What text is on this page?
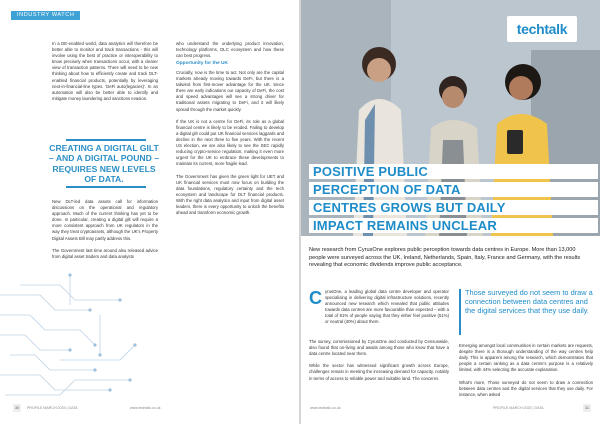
INDUSTRY WATCH
In a DE-enabled world, data analytics will therefore be better able to monitor and track transactions - this will involve using the best of practice or interoperability to know precisely when transactions occur, with a clearer view of transaction patterns. There will need to be new thinking about how to efficiently create and track DLT-enabled financial products, potentially by leveraging next-in-financial-line types. 'DeFi auto(legacies)'. In an automation will also be better able to identify and mitigate money laundering and sanctions evasion.
CREATING A DIGITAL GILT – AND A DIGITAL POUND – REQUIRES NEW LEVELS OF DATA.
New DLT-led data assets call for information discussions on the operational and regulatory approach. Much of the current thinking has yet to be done. In particular, creating a digital gilt will require a more consistent approach from UK regulators in the way they treat cryptoassets, although the UK's Property Digital Assets Bill may partly address this.

The Government last time around also released advice from digital asset traders and data analysts
who understand the underlying product innovation, technology platforms, DLC ecosystem and how these can best progress.
Opportunity for the UK
Crucially, now is the time to act. Not only are the capital markets already moving towards DeFi, but there is a tailwind from first-mover advantage for the UK. Since there are early indications our capacity of DeFi, the cost and speed advantages will see a strong driver for traditional assets migrating to DeFi, and it will likely spread through the market quickly.

If the UK is not a centre for DeFi, its role as a global financial centre is likely to be eroded. Failing to develop a digital gilt could put UK financial services laggards and decline in the next three to five years. With the recent US election, we are also likely to see the SEC rapidly reducing crypto-service regulation, making it even more urgent for the UK to embrace these developments to maintain its current, more fragile lead.

The Government has given the green light for UET and UK financial services must now focus on building the data foundations, regulatory certainty and the tech ecosystem and landscape for DLT financial products. With the right data analytics and input from digital asset leaders, there is every opportunity to unlock the benefits ahead and transform economic growth.
30	PROFILE MARCH 2025 | DATA	www.techtalk.co.uk
techtalk
POSITIVE PUBLIC
PERCEPTION OF DATA
CENTRES GROWS BUT DAILY
IMPACT REMAINS UNCLEAR
New research from CyrusOne explores public perception towards data centres in Europe. More than 13,000 people were surveyed across the UK, Ireland, Netherlands, Spain, Italy, France and Germany, with the results revealing that economic dividends improve public acceptance.
C yrusOne, a leading global data centre developer and operator specialising in delivering digital infrastructure solutions, recently announced new research which revealed that public attitudes towards data centres are more favourable than expected – with a total of 81% of people saying that they either feel positive (51%) or neutral (40%) about them.
The survey, commissioned by CyrusOne and conducted by Censuswide, also found that on-living and awaits among those who know that have a data centre located near them.

While the sector has witnessed significant growth across Europe, challenges remain in meeting the increasing demand for capacity, notably in terms of access to reliable power and suitable land. The concerns
Those surveyed do not seem to draw a connection between data centres and the digital services that they use daily.
Emerging amongst local communities in certain markets are requests, despite there is a thorough understanding of the way centres help daily. This is apparent among the research, which demonstrates that people a certain ranking as a data centre's purpose is a relatively limited, with 44% selecting the accurate explanation.

What's more, Those surveyed do not seem to draw a connection between data centres and the digital services that they use daily. For instance, when asked
www.techtalk.co.uk	PROFILE MARCH 2025 | DATA	31
